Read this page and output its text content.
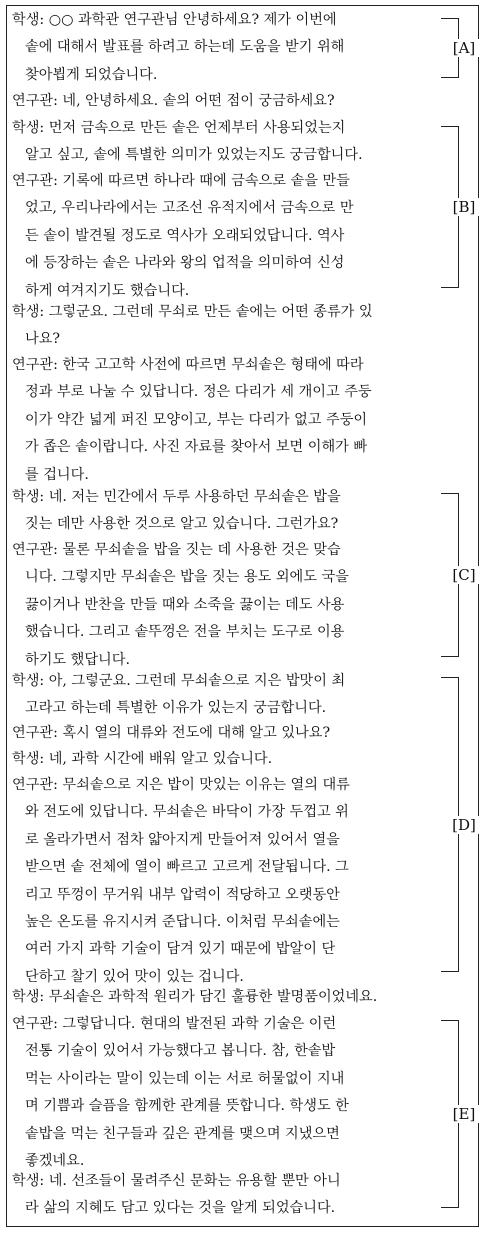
학생: ○○ 과학관 연구관님 안녕하세요? 제가 이번에
솥에 대해서 발표를 하려고 하는데 도움을 받기 위해
찾아뵙게 되었습니다.
연구관: 네, 안녕하세요. 솥의 어떤 점이 궁금하세요?
학생: 먼저 금속으로 만든 솥은 언제부터 사용되었는지
알고 싶고, 솥에 특별한 의미가 있었는지도 궁금합니다.
연구관: 기록에 따르면 하나라 때에 금속으로 솥을 만들
었고, 우리나라에서는 고조선 유적지에서 금속으로 만
든 솥이 발견될 정도로 역사가 오래되었답니다. 역사
에 등장하는 솥은 나라와 왕의 업적을 의미하여 신성
하게 여겨지기도 했습니다.
학생: 그렇군요. 그런데 무쇠로 만든 솥에는 어떤 종류가 있
나요?
연구관: 한국 고고학 사전에 따르면 무쇠솥은 형태에 따라
정과 부로 나눌 수 있답니다. 정은 다리가 세 개이고 주둥
이가 약간 넓게 퍼진 모양이고, 부는 다리가 없고 주둥이
가 좁은 솥이랍니다. 사진 자료를 찾아서 보면 이해가 빠
를 겁니다.
학생: 네. 저는 민간에서 두루 사용하던 무쇠솥은 밥을
짓는 데만 사용한 것으로 알고 있습니다. 그런가요?
연구관: 물론 무쇠솥을 밥을 짓는 데 사용한 것은 맞습
니다. 그렇지만 무쇠솥은 밥을 짓는 용도 외에도 국을
끓이거나 반찬을 만들 때와 소죽을 끓이는 데도 사용
했습니다. 그리고 솥뚜껑은 전을 부치는 도구로 이용
하기도 했답니다.
학생: 아, 그렇군요. 그런데 무쇠솥으로 지은 밥맛이 최
고라고 하는데 특별한 이유가 있는지 궁금합니다.
연구관: 혹시 열의 대류와 전도에 대해 알고 있나요?
학생: 네, 과학 시간에 배워 알고 있습니다.
연구관: 무쇠솥으로 지은 밥이 맛있는 이유는 열의 대류
와 전도에 있답니다. 무쇠솥은 바닥이 가장 두껍고 위
로 올라가면서 점차 얇아지게 만들어져 있어서 열을
받으면 솥 전체에 열이 빠르고 고르게 전달됩니다. 그
리고 뚜껑이 무거워 내부 압력이 적당하고 오랫동안
높은 온도를 유지시켜 준답니다. 이처럼 무쇠솥에는
여러 가지 과학 기술이 담겨 있기 때문에 밥알이 단
단하고 찰기 있어 맛이 있는 겁니다.
학생: 무쇠솥은 과학적 원리가 담긴 훌륭한 발명품이었네요.
연구관: 그렇답니다. 현대의 발전된 과학 기술은 이런
전통 기술이 있어서 가능했다고 봅니다. 참, 한솥밥
먹는 사이라는 말이 있는데 이는 서로 허물없이 지내
며 기쁨과 슬픔을 함께한 관계를 뜻합니다. 학생도 한
솥밥을 먹는 친구들과 깊은 관계를 맺으며 지냈으면
좋겠네요.
학생: 네. 선조들이 물려주신 문화는 유용할 뿐만 아니
라 삶의 지혜도 담고 있다는 것을 알게 되었습니다.
[A]
[B]
[C]
[D]
[E]
